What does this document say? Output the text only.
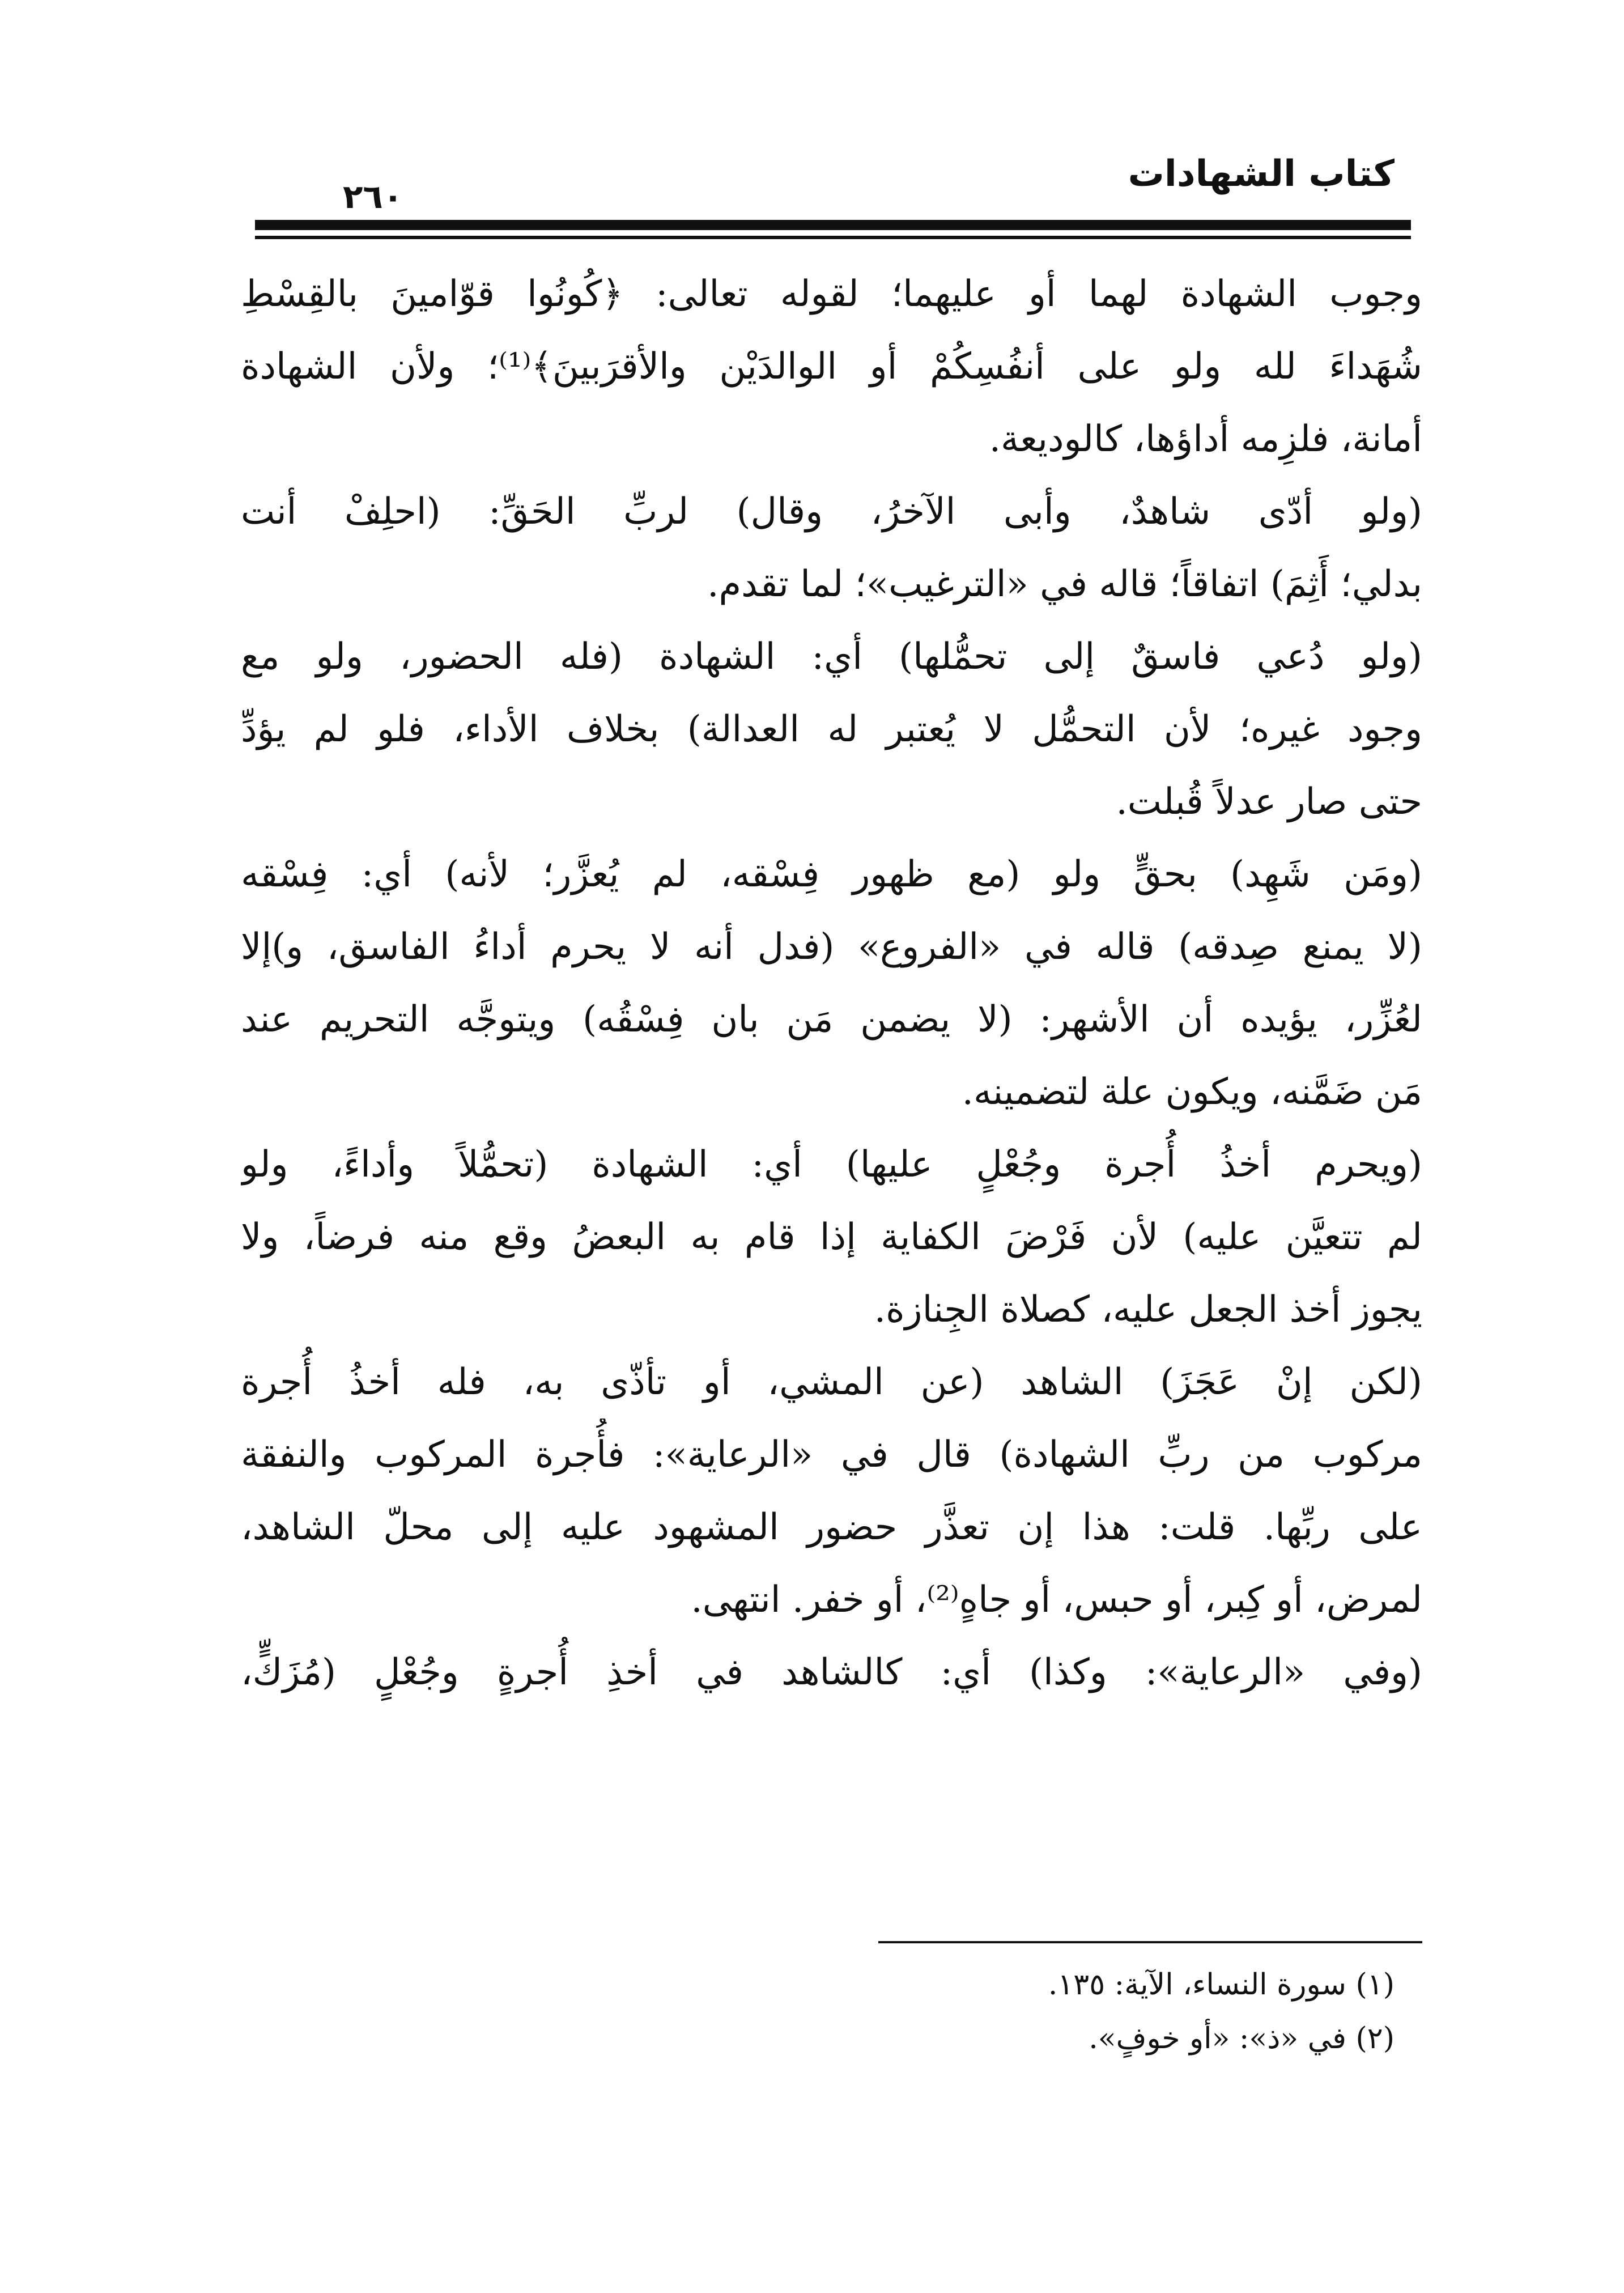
كتاب الشهادات
٢٦٠
وجوب الشهادة لهما أو عليهما؛ لقوله تعالى: ﴿كُونُوا قوّامينَ بالقِسْطِ
شُهَداءَ لله ولو على أنفُسِكُمْ أو الوالدَيْن والأقرَبينَ﴾⁽¹⁾؛ ولأن الشهادة
أمانة، فلزِمه أداؤها، كالوديعة.
(ولو أدّى شاهدٌ، وأبى الآخرُ، وقال) لربِّ الحَقِّ: (احلِفْ أنت
بدلي؛ أَثِمَ) اتفاقاً؛ قاله في «الترغيب»؛ لما تقدم.
(ولو دُعي فاسقٌ إلى تحمُّلها) أي: الشهادة (فله الحضور، ولو مع
وجود غيره؛ لأن التحمُّل لا يُعتبر له العدالة) بخلاف الأداء، فلو لم يؤدِّ
حتى صار عدلاً قُبلت.
(ومَن شَهِد) بحقٍّ ولو (مع ظهور فِسْقه، لم يُعزَّر؛ لأنه) أي: فِسْقه
(لا يمنع صِدقه) قاله في «الفروع» (فدل أنه لا يحرم أداءُ الفاسق، و)إلا
لعُزِّر، يؤيده أن الأشهر: (لا يضمن مَن بان فِسْقُه) ويتوجَّه التحريم عند
مَن ضَمَّنه، ويكون علة لتضمينه.
(ويحرم أخذُ أُجرة وجُعْلٍ عليها) أي: الشهادة (تحمُّلاً وأداءً، ولو
لم تتعيَّن عليه) لأن فَرْضَ الكفاية إذا قام به البعضُ وقع منه فرضاً، ولا
يجوز أخذ الجعل عليه، كصلاة الجِنازة.
(لكن إنْ عَجَزَ) الشاهد (عن المشي، أو تأذّى به، فله أخذُ أُجرة
مركوب من ربِّ الشهادة) قال في «الرعاية»: فأُجرة المركوب والنفقة
على ربِّها. قلت: هذا إن تعذَّر حضور المشهود عليه إلى محلّ الشاهد،
لمرض، أو كِبر، أو حبس، أو جاهٍ⁽²⁾، أو خفر. انتهى.
(وفي «الرعاية»: وكذا) أي: كالشاهد في أخذِ أُجرةٍ وجُعْلٍ (مُزَكٍّ،
(١) سورة النساء، الآية: ١٣٥.
(٢) في «ذ»: «أو خوفٍ».
